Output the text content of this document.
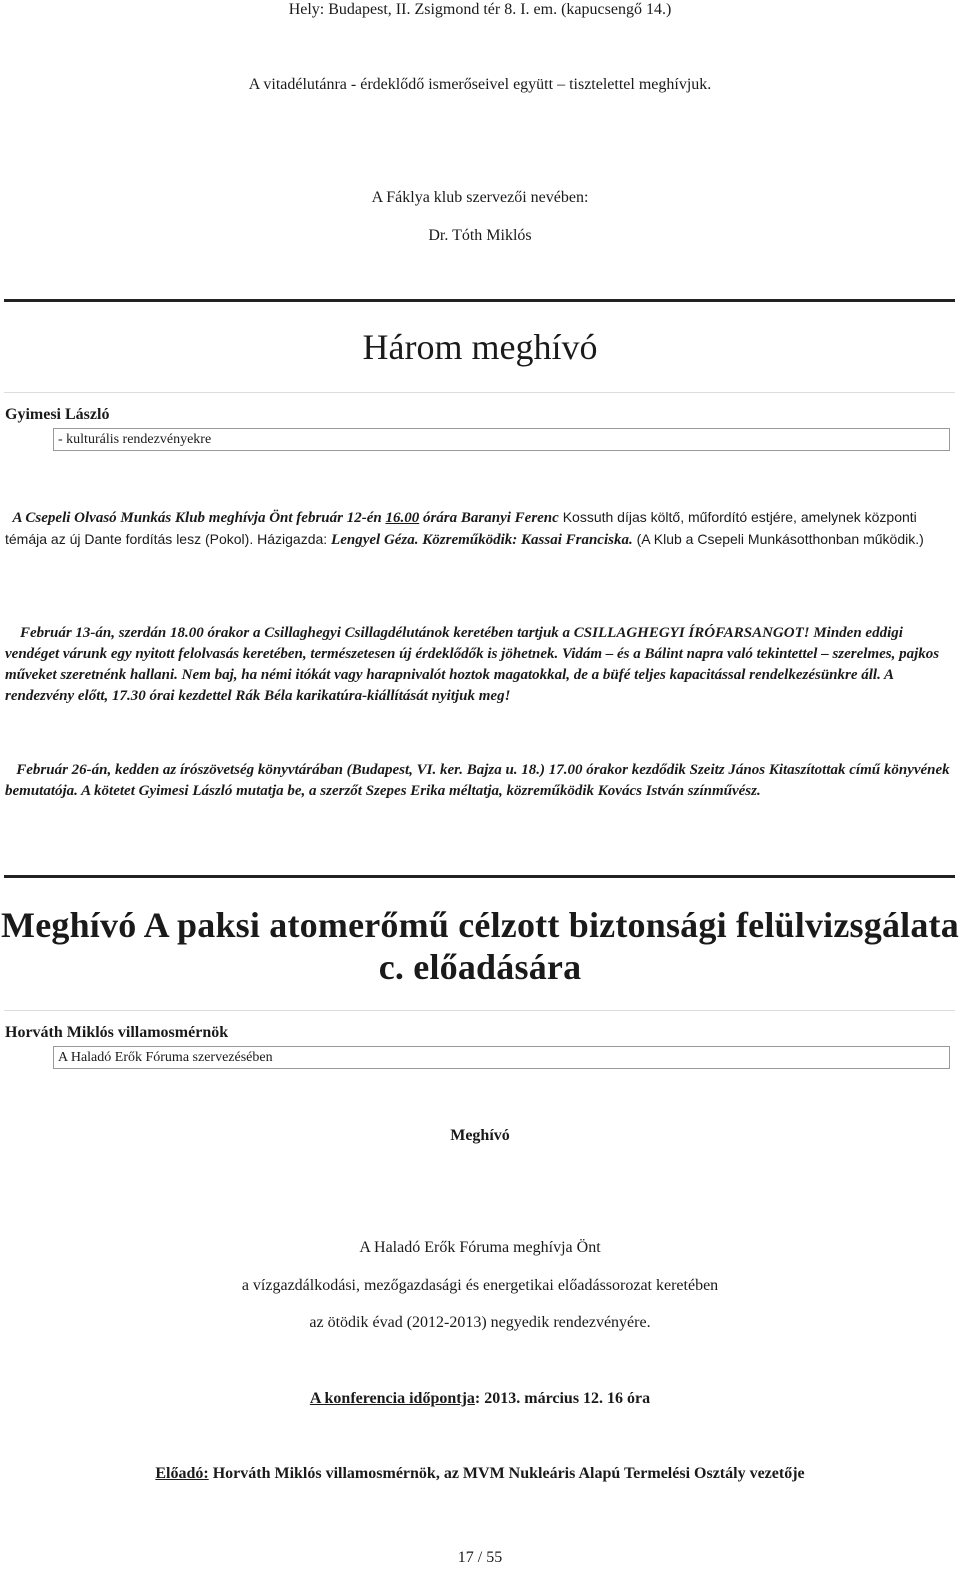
Hely: Budapest, II. Zsigmond tér 8. I. em. (kapucsengő 14.)
A vitadélutánra - érdeklődő ismerőseivel együtt – tisztelettel meghívjuk.
A Fáklya klub szervezői nevében:
Dr. Tóth Miklós
Három meghívó
Gyimesi László
- kulturális rendezvényekre
A Csepeli Olvasó Munkás Klub meghívja Önt február 12-én 16.00 órára Baranyi Ferenc Kossuth díjas költő, műfordító estjére, amelynek központi témája az új Dante fordítás lesz (Pokol). Házigazda: Lengyel Géza. Közreműködik: Kassai Franciska. (A Klub a Csepeli Munkásotthonban működik.)
Február 13-án, szerdán 18.00 órakor a Csillaghegyi Csillagdélutánok keretében tartjuk a CSILLAGHEGYI ÍRÓFARSANGOT! Minden eddigi vendéget várunk egy nyitott felolvasás keretében, természetesen új érdeklődők is jöhetnek. Vidám – és a Bálint napra való tekintettel – szerelmes, pajkos műveket szeretnénk hallani. Nem baj, ha némi itókát vagy harapnivalót hoztok magatokkal, de a büfé teljes kapacitással rendelkezésünkre áll. A rendezvény előtt, 17.30 órai kezdettel Rák Béla karikatúra-kiállítását nyitjuk meg!
Február 26-án, kedden az írószövetség könyvtárában (Budapest, VI. ker. Bajza u. 18.) 17.00 órakor kezdődik Szeitz János Kitaszítottak című könyvének bemutatója. A kötetet Gyimesi László mutatja be, a szerzőt Szepes Erika méltatja, közreműködik Kovács István színművész.
Meghívó A paksi atomerőmű célzott biztonsági felülvizsgálata c. előadására
Horváth Miklós villamosmérnök
A Haladó Erők Fóruma szervezésében
Meghívó
A Haladó Erők Fóruma meghívja Önt
a vízgazdálkodási, mezőgazdasági és energetikai előadássorozat keretében
az ötödik évad (2012-2013) negyedik rendezvényére.
A konferencia időpontja: 2013. március 12. 16 óra
Előadó: Horváth Miklós villamosmérnök, az MVM Nukleáris Alapú Termelési Osztály vezetője
17 / 55
